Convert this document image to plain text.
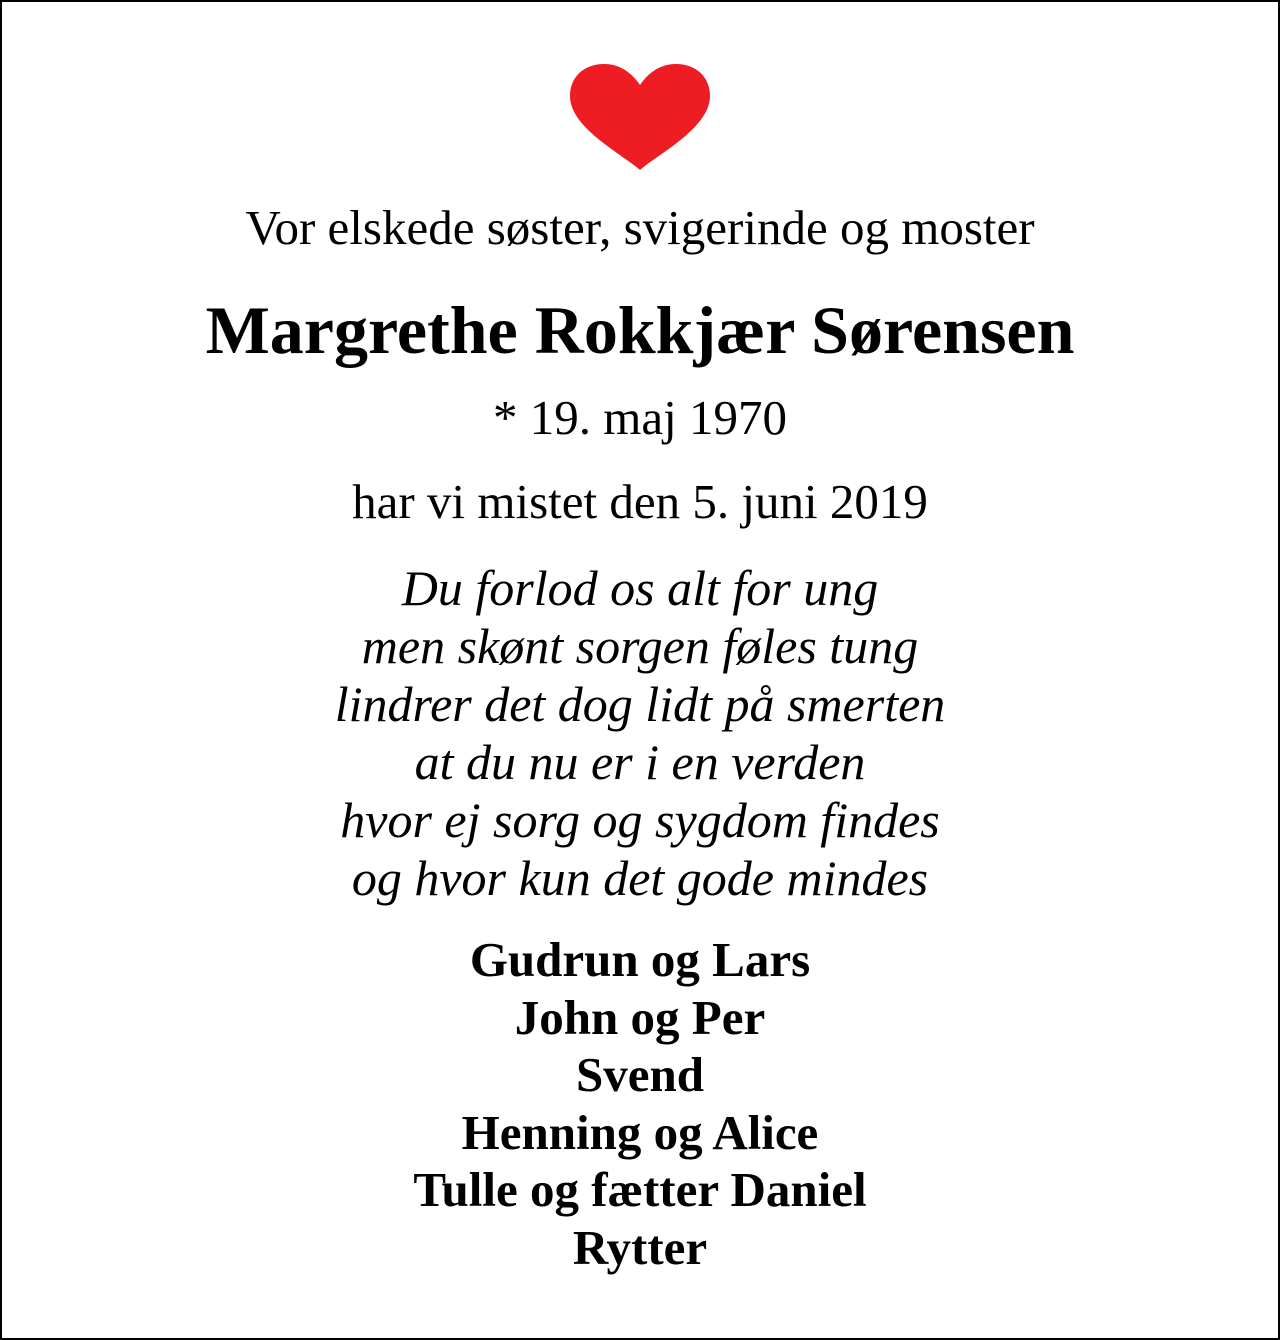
Vor elskede søster, svigerinde og moster
Margrethe Rokkjær Sørensen
* 19. maj 1970
har vi mistet den 5. juni 2019
Du forlod os alt for ung
men skønt sorgen føles tung
lindrer det dog lidt på smerten
at du nu er i en verden
hvor ej sorg og sygdom findes
og hvor kun det gode mindes
Gudrun og Lars
John og Per
Svend
Henning og Alice
Tulle og fætter Daniel
Rytter
